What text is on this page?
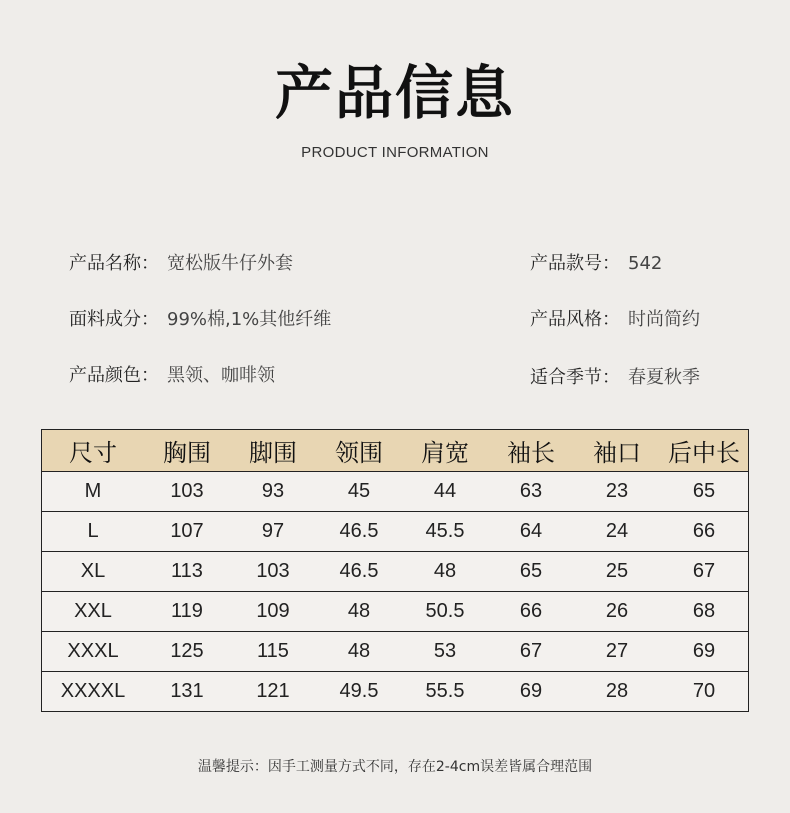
产品信息
PRODUCT INFORMATION
产品名称： 宽松版牛仔外套
面料成分： 99%棉,1%其他纤维
产品颜色： 黑领、咖啡领
产品款号： 542
产品风格： 时尚简约
适合季节： 春夏秋季
尺寸	胸围	脚围	领围	肩宽	袖长	袖口	后中长
M	103	93	45	44	63	23	65
L	107	97	46.5	45.5	64	24	66
XL	113	103	46.5	48	65	25	67
XXL	119	109	48	50.5	66	26	68
XXXL	125	115	48	53	67	27	69
XXXXL	131	121	49.5	55.5	69	28	70
温馨提示：因手工测量方式不同，存在2-4cm误差皆属合理范围
